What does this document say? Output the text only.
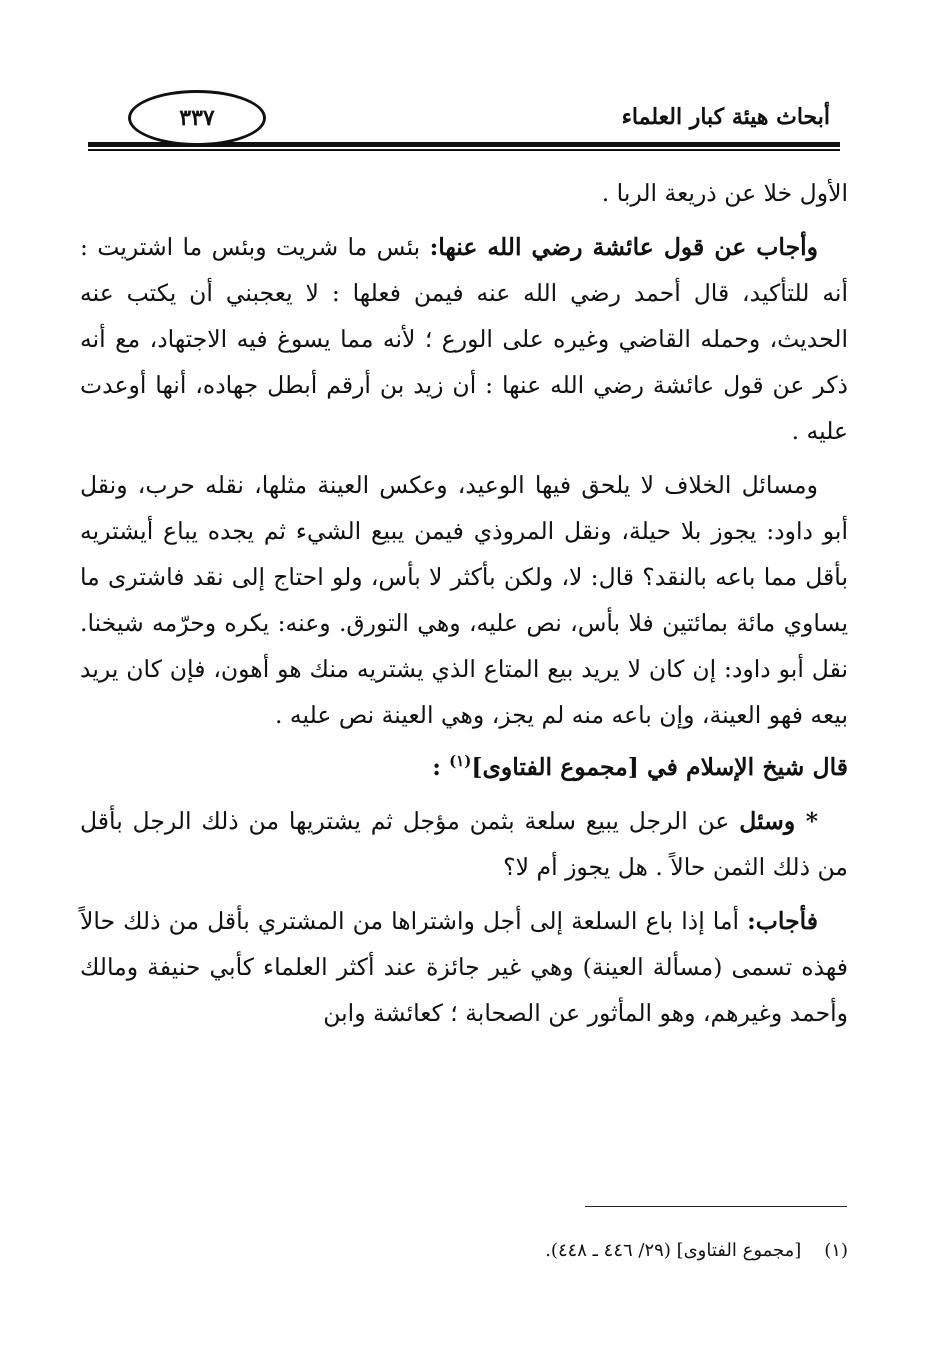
أبحاث هيئة كبار العلماء
٣٣٧

الأول خلا عن ذريعة الربا .

وأجاب عن قول عائشة رضي الله عنها: بئس ما شريت وبئس ما اشتريت : أنه للتأكيد، قال أحمد رضي الله عنه فيمن فعلها : لا يعجبني أن يكتب عنه الحديث، وحمله القاضي وغيره على الورع ؛ لأنه مما يسوغ فيه الاجتهاد، مع أنه ذكر عن قول عائشة رضي الله عنها : أن زيد بن أرقم أبطل جهاده، أنها أوعدت عليه .

ومسائل الخلاف لا يلحق فيها الوعيد، وعكس العينة مثلها، نقله حرب، ونقل أبو داود: يجوز بلا حيلة، ونقل المروذي فيمن يبيع الشيء ثم يجده يباع أيشتريه بأقل مما باعه بالنقد؟ قال: لا، ولكن بأكثر لا بأس، ولو احتاج إلى نقد فاشترى ما يساوي مائة بمائتين فلا بأس، نص عليه، وهي التورق. وعنه: يكره وحرّمه شيخنا. نقل أبو داود: إن كان لا يريد بيع المتاع الذي يشتريه منك هو أهون، فإن كان يريد بيعه فهو العينة، وإن باعه منه لم يجز، وهي العينة نص عليه .

قال شيخ الإسلام في [مجموع الفتاوى]$^{(١)}$ :

* وسئل عن الرجل يبيع سلعة بثمن مؤجل ثم يشتريها من ذلك الرجل بأقل من ذلك الثمن حالاً . هل يجوز أم لا؟

فأجاب: أما إذا باع السلعة إلى أجل واشتراها من المشتري بأقل من ذلك حالاً فهذه تسمى (مسألة العينة) وهي غير جائزة عند أكثر العلماء كأبي حنيفة ومالك وأحمد وغيرهم، وهو المأثور عن الصحابة ؛ كعائشة وابن

(١)    [مجموع الفتاوى] (٢٩/ ٤٤٦ ـ ٤٤٨).
